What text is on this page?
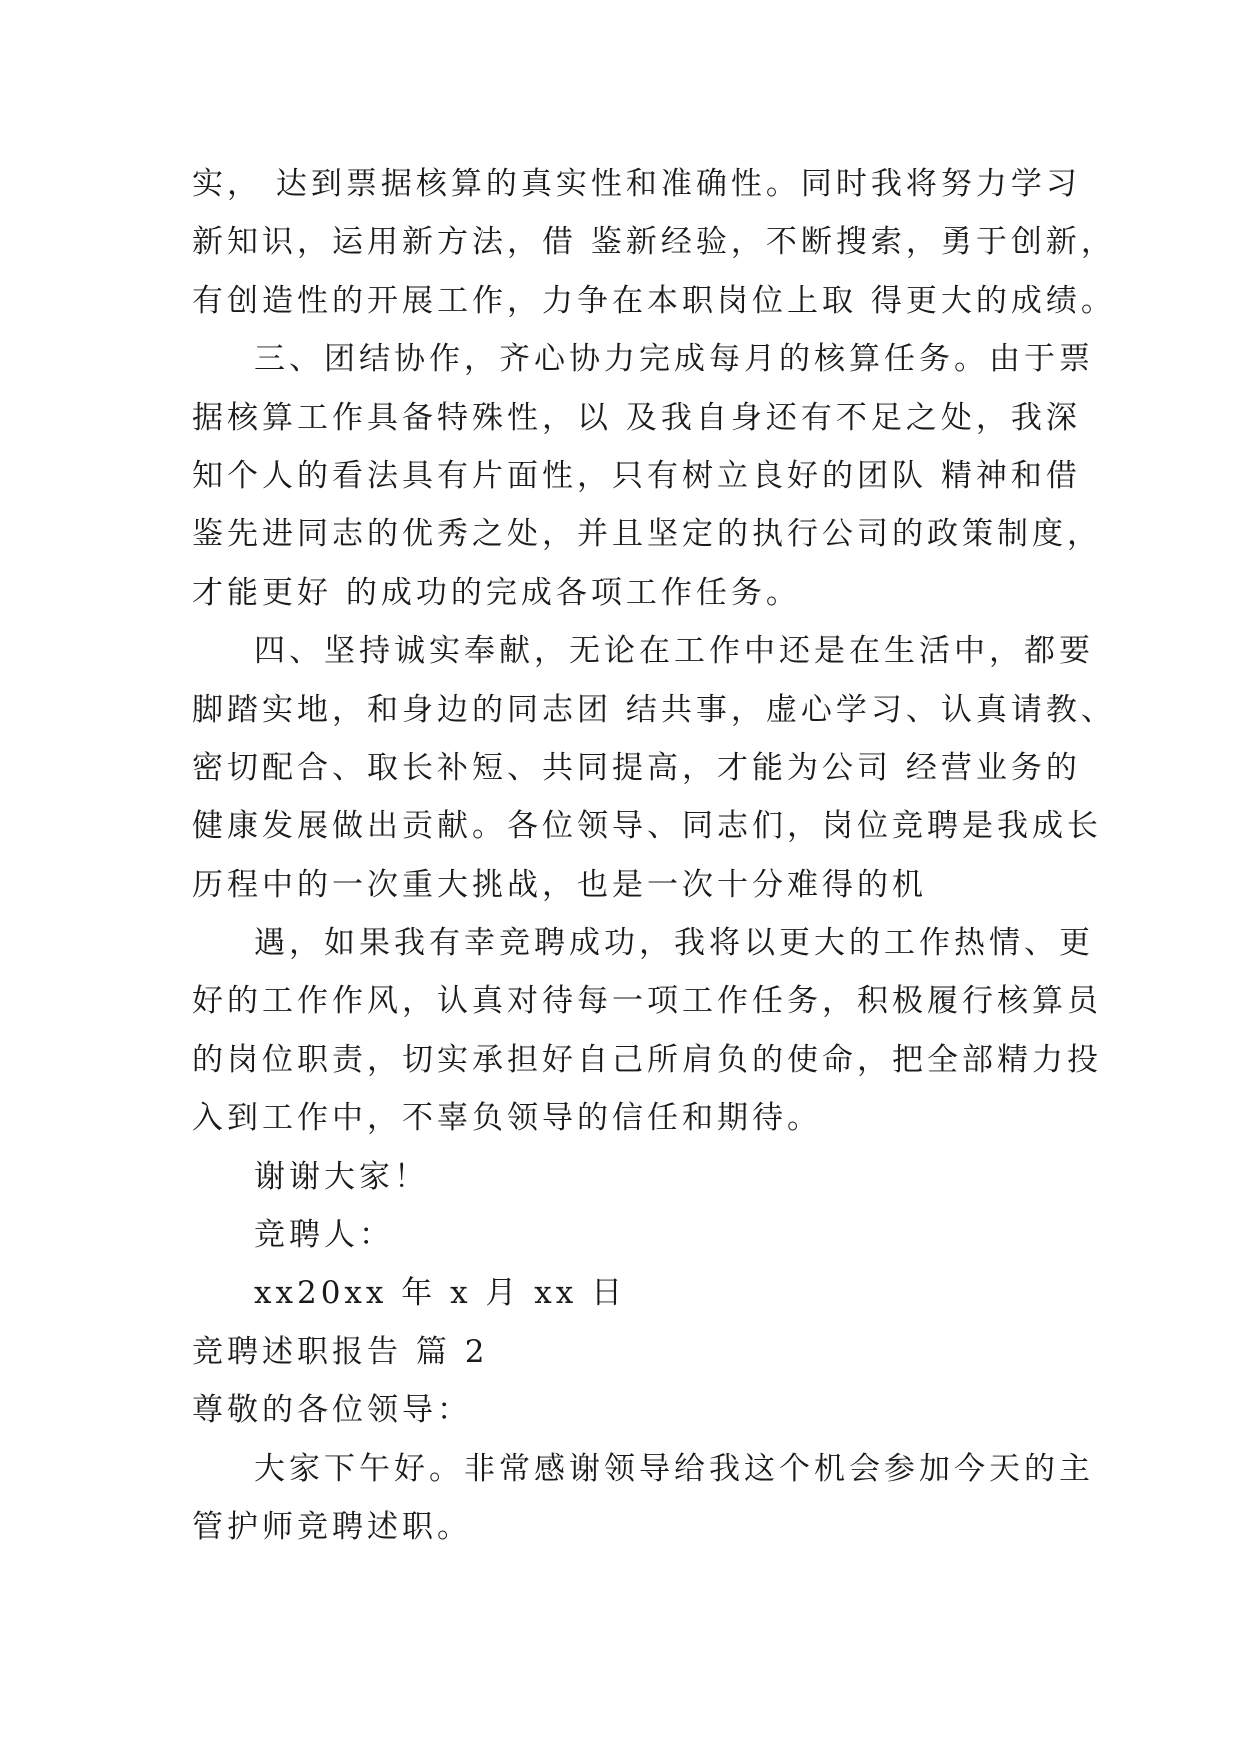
实， 达到票据核算的真实性和准确性。同时我将努力学习
新知识，运用新方法，借 鉴新经验，不断搜索，勇于创新，
有创造性的开展工作，力争在本职岗位上取 得更大的成绩。
三、团结协作，齐心协力完成每月的核算任务。由于票
据核算工作具备特殊性，以 及我自身还有不足之处，我深
知个人的看法具有片面性，只有树立良好的团队 精神和借
鉴先进同志的优秀之处，并且坚定的执行公司的政策制度，
才能更好 的成功的完成各项工作任务。
四、坚持诚实奉献，无论在工作中还是在生活中，都要
脚踏实地，和身边的同志团 结共事，虚心学习、认真请教、
密切配合、取长补短、共同提高，才能为公司 经营业务的
健康发展做出贡献。各位领导、同志们，岗位竞聘是我成长
历程中的一次重大挑战，也是一次十分难得的机
遇，如果我有幸竞聘成功，我将以更大的工作热情、更
好的工作作风，认真对待每一项工作任务，积极履行核算员
的岗位职责，切实承担好自己所肩负的使命，把全部精力投
入到工作中，不辜负领导的信任和期待。
谢谢大家！
竞聘人：
xx20xx 年 x 月 xx 日
竞聘述职报告 篇 2
尊敬的各位领导：
大家下午好。非常感谢领导给我这个机会参加今天的主
管护师竞聘述职。
